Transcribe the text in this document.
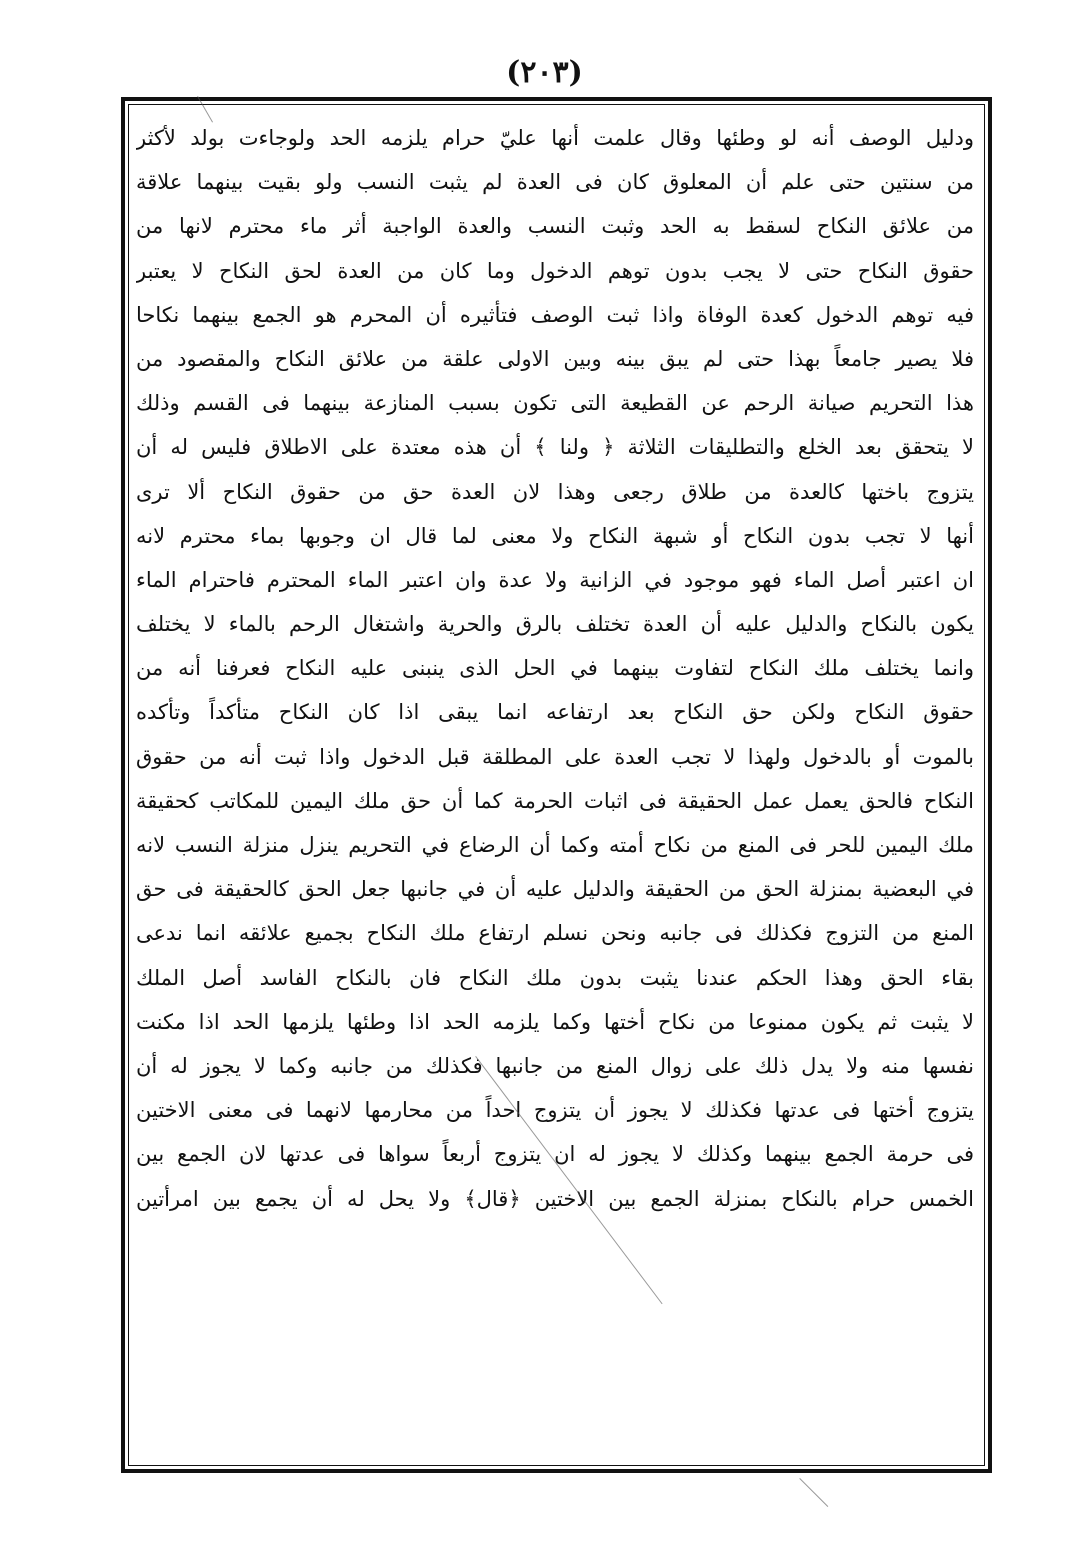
(٢٠٣)
ودليل الوصف أنه لو وطئها وقال علمت أنها عليّ حرام يلزمه الحد ولوجاءت بولد لأكثر
من سنتين حتى علم أن المعلوق كان فى العدة لم يثبت النسب ولو بقيت بينهما علاقة
من علائق النكاح لسقط به الحد وثبت النسب والعدة الواجبة أثر ماء محترم لانها من
حقوق النكاح حتى لا يجب بدون توهم الدخول وما كان من العدة لحق النكاح لا يعتبر
فيه توهم الدخول كعدة الوفاة واذا ثبت الوصف فتأثيره أن المحرم هو الجمع بينهما نكاحا
فلا يصير جامعاً بهذا حتى لم يبق بينه وبين الاولى علقة من علائق النكاح والمقصود من
هذا التحريم صيانة الرحم عن القطيعة التى تكون بسبب المنازعة بينهما فى القسم وذلك
لا يتحقق بعد الخلع والتطليقات الثلاثة ﴿ ولنا ﴾ أن هذه معتدة على الاطلاق فليس له أن
يتزوج باختها كالعدة من طلاق رجعى وهذا لان العدة حق من حقوق النكاح ألا ترى
أنها لا تجب بدون النكاح أو شبهة النكاح ولا معنى لما قال ان وجوبها بماء محترم لانه
ان اعتبر أصل الماء فهو موجود في الزانية ولا عدة وان اعتبر الماء المحترم فاحترام الماء
يكون بالنكاح والدليل عليه أن العدة تختلف بالرق والحرية واشتغال الرحم بالماء لا يختلف
وانما يختلف ملك النكاح لتفاوت بينهما في الحل الذى ينبنى عليه النكاح فعرفنا أنه من
حقوق النكاح ولكن حق النكاح بعد ارتفاعه انما يبقى اذا كان النكاح متأكداً وتأكده
بالموت أو بالدخول ولهذا لا تجب العدة على المطلقة قبل الدخول واذا ثبت أنه من حقوق
النكاح فالحق يعمل عمل الحقيقة فى اثبات الحرمة كما أن حق ملك اليمين للمكاتب كحقيقة
ملك اليمين للحر فى المنع من نكاح أمته وكما أن الرضاع في التحريم ينزل منزلة النسب لانه
في البعضية بمنزلة الحق من الحقيقة والدليل عليه أن في جانبها جعل الحق كالحقيقة فى حق
المنع من التزوج فكذلك فى جانبه ونحن نسلم ارتفاع ملك النكاح بجميع علائقه انما ندعى
بقاء الحق وهذا الحكم عندنا يثبت بدون ملك النكاح فان بالنكاح الفاسد أصل الملك
لا يثبت ثم يكون ممنوعا من نكاح أختها وكما يلزمه الحد اذا وطئها يلزمها الحد اذا مكنت
نفسها منه ولا يدل ذلك على زوال المنع من جانبها فكذلك من جانبه وكما لا يجوز له أن
يتزوج أختها فى عدتها فكذلك لا يجوز أن يتزوج احداً من محارمها لانهما فى معنى الاختين
فى حرمة الجمع بينهما وكذلك لا يجوز له ان يتزوج أربعاً سواها فى عدتها لان الجمع بين
الخمس حرام بالنكاح بمنزلة الجمع بين الاختين ﴿قال﴾ ولا يحل له أن يجمع بين امرأتين
